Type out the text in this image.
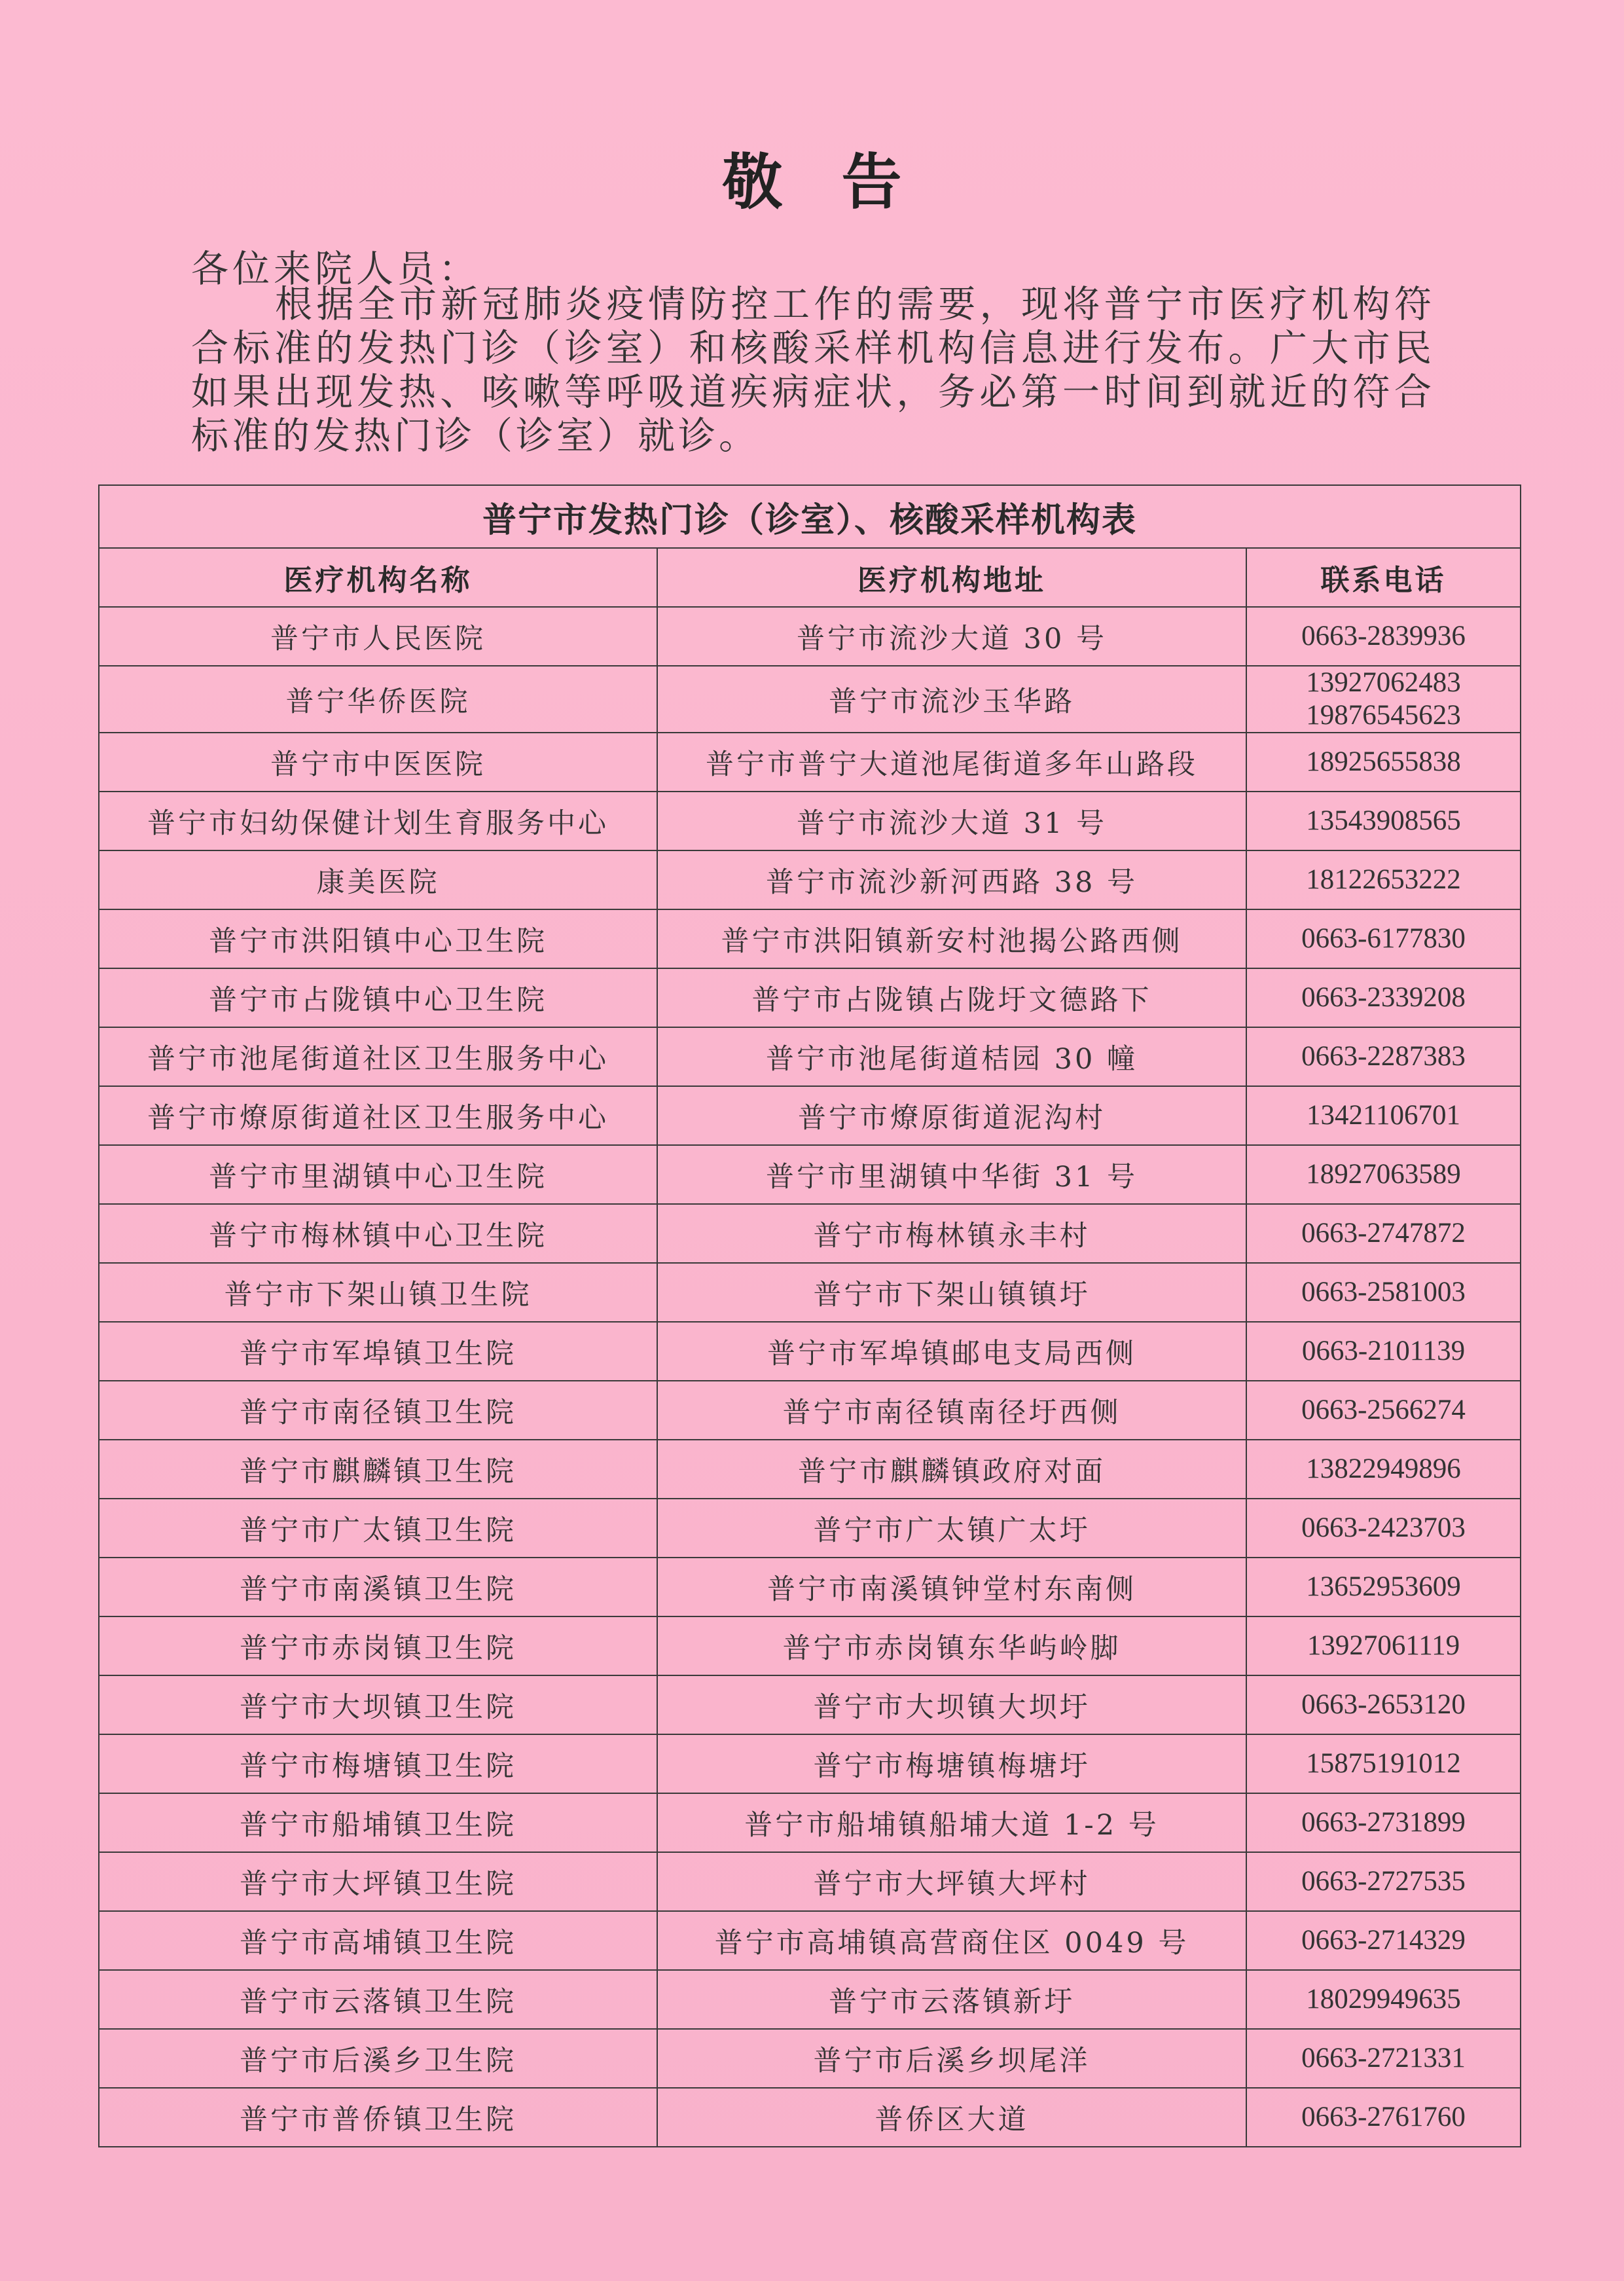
敬告
各位来院人员：
根据全市新冠肺炎疫情防控工作的需要，现将普宁市医疗机构符合标准的发热门诊（诊室）和核酸采样机构信息进行发布。广大市民如果出现发热、咳嗽等呼吸道疾病症状，务必第一时间到就近的符合标准的发热门诊（诊室）就诊。
普宁市发热门诊（诊室）、核酸采样机构表		
医疗机构名称	医疗机构地址	联系电话
普宁市人民医院	普宁市流沙大道 30 号	0663-2839936

普宁华侨医院	普宁市流沙玉华路	13927062483
19876545623

普宁市中医医院	普宁市普宁大道池尾街道多年山路段	18925655838

普宁市妇幼保健计划生育服务中心	普宁市流沙大道 31 号	13543908565

康美医院	普宁市流沙新河西路 38 号	18122653222

普宁市洪阳镇中心卫生院	普宁市洪阳镇新安村池揭公路西侧	0663-6177830

普宁市占陇镇中心卫生院	普宁市占陇镇占陇圩文德路下	0663-2339208

普宁市池尾街道社区卫生服务中心	普宁市池尾街道桔园 30 幢	0663-2287383

普宁市燎原街道社区卫生服务中心	普宁市燎原街道泥沟村	13421106701

普宁市里湖镇中心卫生院	普宁市里湖镇中华街 31 号	18927063589

普宁市梅林镇中心卫生院	普宁市梅林镇永丰村	0663-2747872

普宁市下架山镇卫生院	普宁市下架山镇镇圩	0663-2581003

普宁市军埠镇卫生院	普宁市军埠镇邮电支局西侧	0663-2101139

普宁市南径镇卫生院	普宁市南径镇南径圩西侧	0663-2566274

普宁市麒麟镇卫生院	普宁市麒麟镇政府对面	13822949896

普宁市广太镇卫生院	普宁市广太镇广太圩	0663-2423703

普宁市南溪镇卫生院	普宁市南溪镇钟堂村东南侧	13652953609

普宁市赤岗镇卫生院	普宁市赤岗镇东华屿岭脚	13927061119

普宁市大坝镇卫生院	普宁市大坝镇大坝圩	0663-2653120

普宁市梅塘镇卫生院	普宁市梅塘镇梅塘圩	15875191012

普宁市船埔镇卫生院	普宁市船埔镇船埔大道 1-2 号	0663-2731899

普宁市大坪镇卫生院	普宁市大坪镇大坪村	0663-2727535

普宁市高埔镇卫生院	普宁市高埔镇高营商住区 0049 号	0663-2714329

普宁市云落镇卫生院	普宁市云落镇新圩	18029949635

普宁市后溪乡卫生院	普宁市后溪乡坝尾洋	0663-2721331

普宁市普侨镇卫生院	普侨区大道	0663-2761760
